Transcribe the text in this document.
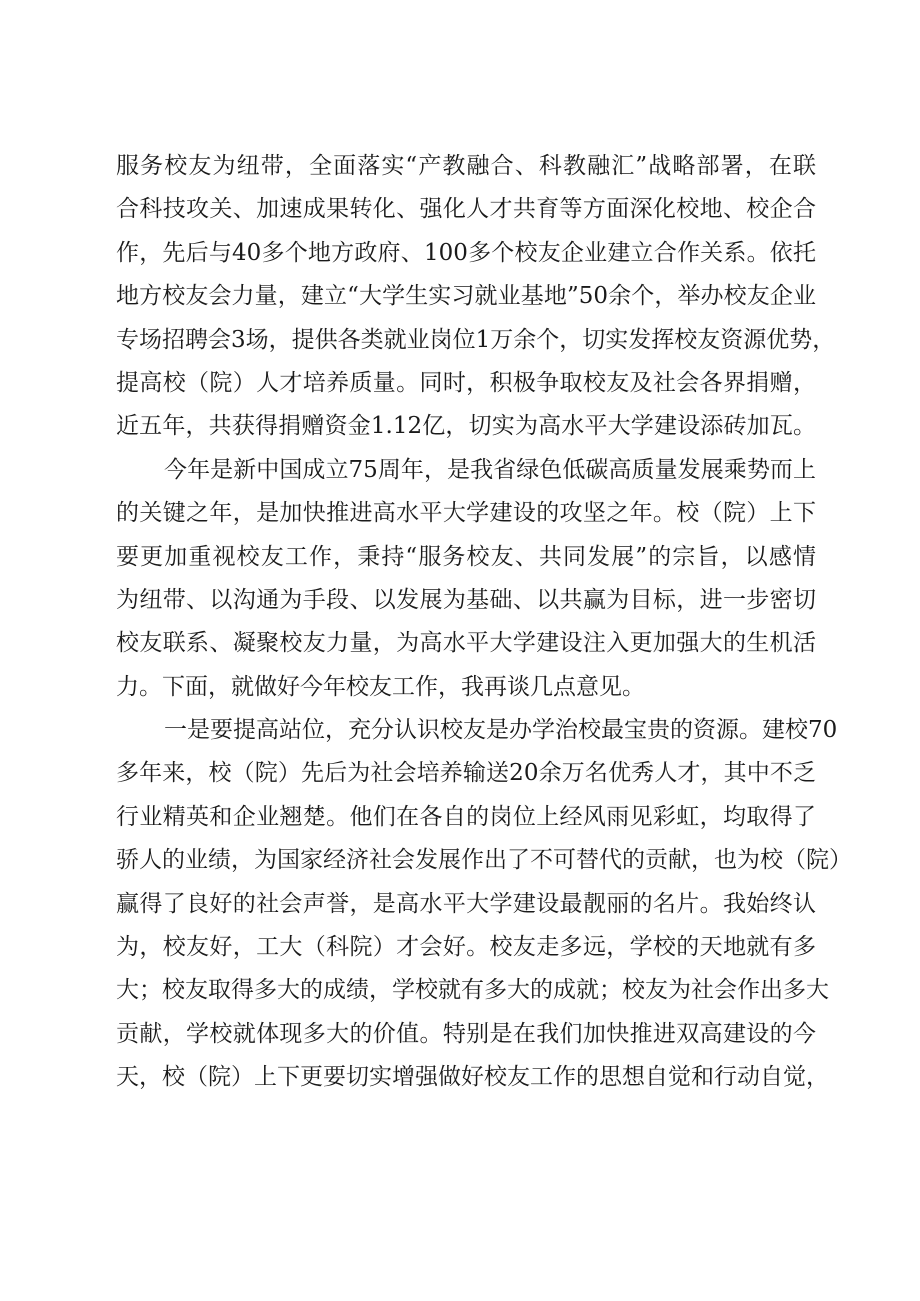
服务校友为纽带，全面落实“产教融合、科教融汇”战略部署，在联
合科技攻关、加速成果转化、强化人才共育等方面深化校地、校企合
作，先后与40多个地方政府、100多个校友企业建立合作关系。依托
地方校友会力量，建立“大学生实习就业基地”50余个，举办校友企业
专场招聘会3场，提供各类就业岗位1万余个，切实发挥校友资源优势，
提高校（院）人才培养质量。同时，积极争取校友及社会各界捐赠，
近五年，共获得捐赠资金1.12亿，切实为高水平大学建设添砖加瓦。
今年是新中国成立75周年，是我省绿色低碳高质量发展乘势而上
的关键之年，是加快推进高水平大学建设的攻坚之年。校（院）上下
要更加重视校友工作，秉持“服务校友、共同发展”的宗旨，以感情
为纽带、以沟通为手段、以发展为基础、以共赢为目标，进一步密切
校友联系、凝聚校友力量，为高水平大学建设注入更加强大的生机活
力。下面，就做好今年校友工作，我再谈几点意见。
一是要提高站位，充分认识校友是办学治校最宝贵的资源。建校70
多年来，校（院）先后为社会培养输送20余万名优秀人才，其中不乏
行业精英和企业翘楚。他们在各自的岗位上经风雨见彩虹，均取得了
骄人的业绩，为国家经济社会发展作出了不可替代的贡献，也为校（院）
赢得了良好的社会声誉，是高水平大学建设最靓丽的名片。我始终认
为，校友好，工大（科院）才会好。校友走多远，学校的天地就有多
大；校友取得多大的成绩，学校就有多大的成就；校友为社会作出多大
贡献，学校就体现多大的价值。特别是在我们加快推进双高建设的今
天，校（院）上下更要切实增强做好校友工作的思想自觉和行动自觉，
